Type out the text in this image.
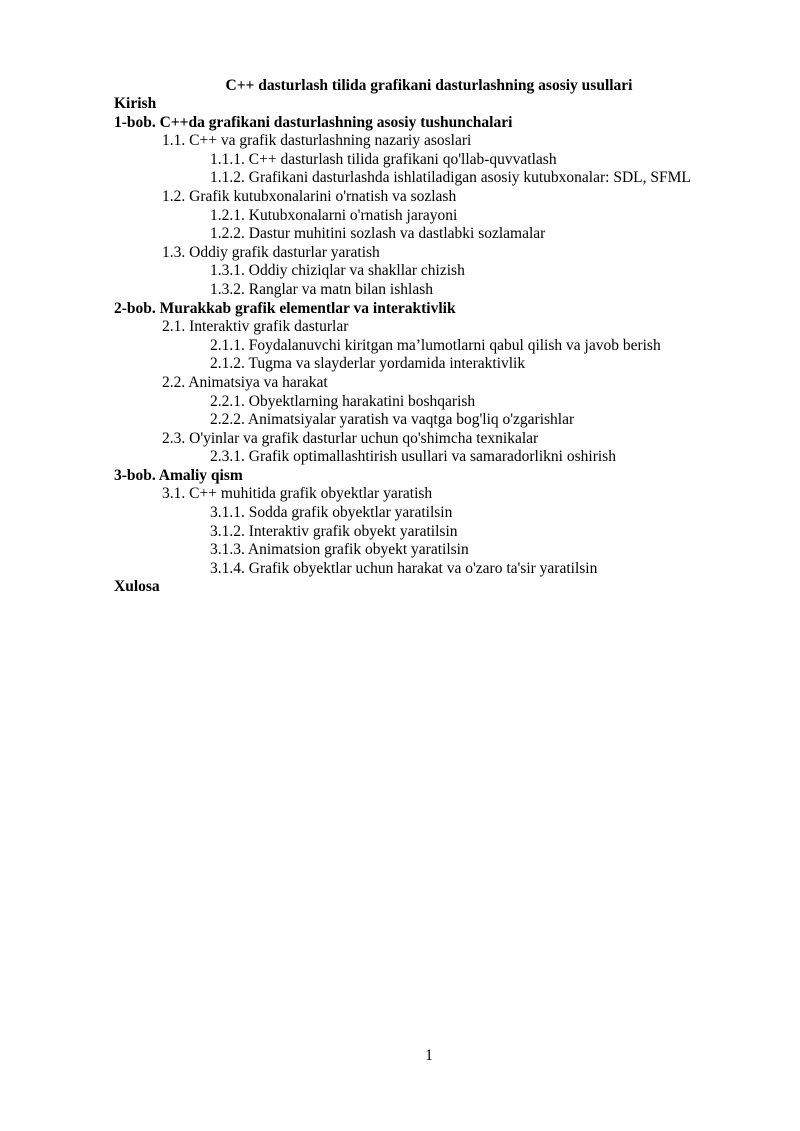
C++ dasturlash tilida grafikani dasturlashning asosiy usullari
Kirish
1-bob. C++da grafikani dasturlashning asosiy tushunchalari
1.1. C++ va grafik dasturlashning nazariy asoslari
1.1.1. C++ dasturlash tilida grafikani qo'llab-quvvatlash
1.1.2. Grafikani dasturlashda ishlatiladigan asosiy kutubxonalar: SDL, SFML
1.2. Grafik kutubxonalarini o'rnatish va sozlash
1.2.1. Kutubxonalarni o'rnatish jarayoni
1.2.2. Dastur muhitini sozlash va dastlabki sozlamalar
1.3. Oddiy grafik dasturlar yaratish
1.3.1. Oddiy chiziqlar va shakllar chizish
1.3.2. Ranglar va matn bilan ishlash
2-bob. Murakkab grafik elementlar va interaktivlik
2.1. Interaktiv grafik dasturlar
2.1.1. Foydalanuvchi kiritgan ma’lumotlarni qabul qilish va javob berish
2.1.2. Tugma va slayderlar yordamida interaktivlik
2.2. Animatsiya va harakat
2.2.1. Obyektlarning harakatini boshqarish
2.2.2. Animatsiyalar yaratish va vaqtga bog'liq o'zgarishlar
2.3. O'yinlar va grafik dasturlar uchun qo'shimcha texnikalar
2.3.1. Grafik optimallashtirish usullari va samaradorlikni oshirish
3-bob. Amaliy qism
3.1. C++ muhitida grafik obyektlar yaratish
3.1.1. Sodda grafik obyektlar yaratilsin
3.1.2. Interaktiv grafik obyekt yaratilsin
3.1.3. Animatsion grafik obyekt yaratilsin
3.1.4. Grafik obyektlar uchun harakat va o'zaro ta'sir yaratilsin
Xulosa
1
